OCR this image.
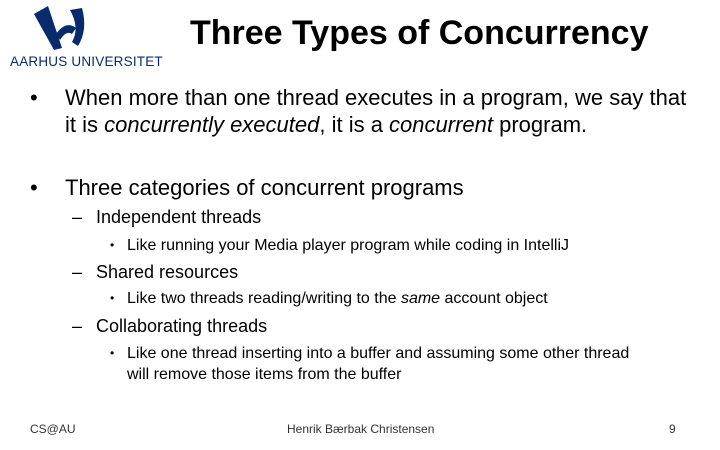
AARHUS UNIVERSITET
Three Types of Concurrency
• When more than one thread executes in a program, we say that it is concurrently executed, it is a concurrent program.
• Three categories of concurrent programs
– Independent threads
• Like running your Media player program while coding in IntelliJ
– Shared resources
• Like two threads reading/writing to the same account object
– Collaborating threads
• Like one thread inserting into a buffer and assuming some other thread will remove those items from the buffer
CS@AU	Henrik Bærbak Christensen	9
